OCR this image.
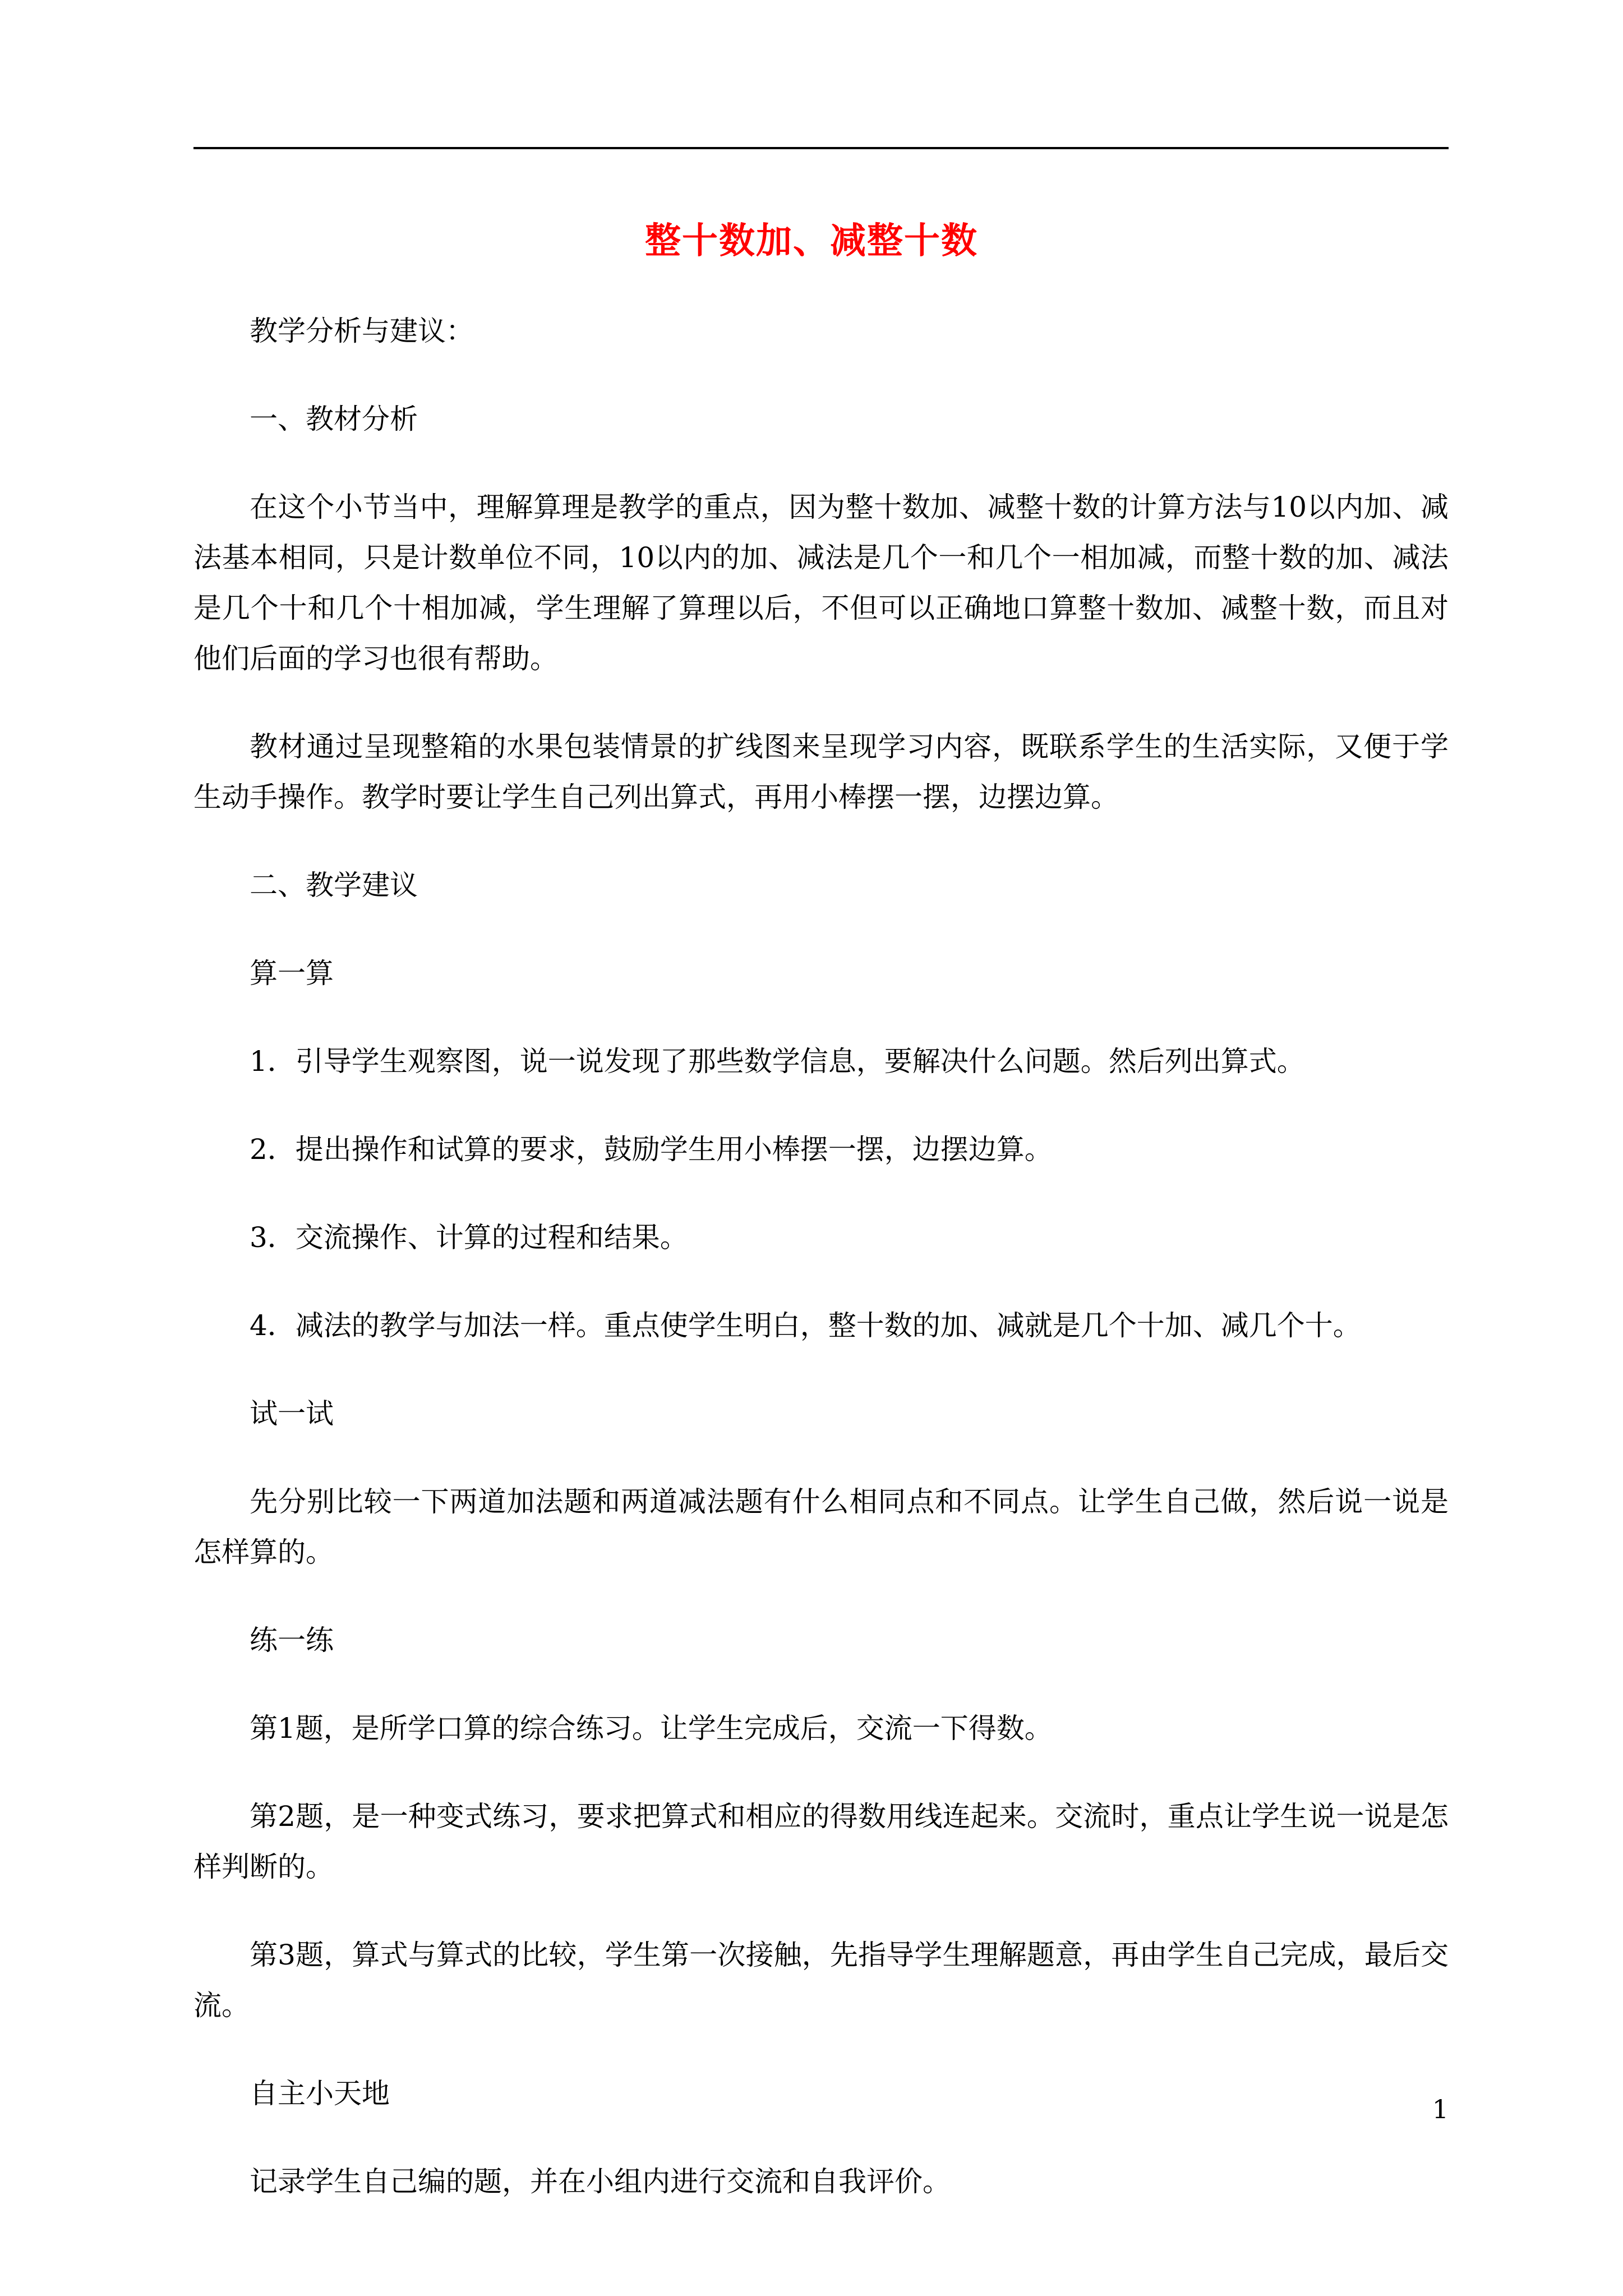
整十数加、减整十数

教学分析与建议：

一、教材分析

在这个小节当中，理解算理是教学的重点，因为整十数加、减整十数的计算方法与10以内加、减法基本相同，只是计数单位不同，10以内的加、减法是几个一和几个一相加减，而整十数的加、减法是几个十和几个十相加减，学生理解了算理以后，不但可以正确地口算整十数加、减整十数，而且对他们后面的学习也很有帮助。

教材通过呈现整箱的水果包装情景的扩线图来呈现学习内容，既联系学生的生活实际，又便于学生动手操作。教学时要让学生自己列出算式，再用小棒摆一摆，边摆边算。

二、教学建议

算一算

1．引导学生观察图，说一说发现了那些数学信息，要解决什么问题。然后列出算式。

2．提出操作和试算的要求，鼓励学生用小棒摆一摆，边摆边算。

3．交流操作、计算的过程和结果。

4．减法的教学与加法一样。重点使学生明白，整十数的加、减就是几个十加、减几个十。

试一试

先分别比较一下两道加法题和两道减法题有什么相同点和不同点。让学生自己做，然后说一说是怎样算的。

练一练

第1题，是所学口算的综合练习。让学生完成后，交流一下得数。

第2题，是一种变式练习，要求把算式和相应的得数用线连起来。交流时，重点让学生说一说是怎样判断的。

第3题，算式与算式的比较，学生第一次接触，先指导学生理解题意，再由学生自己完成，最后交流。

自主小天地

记录学生自己编的题，并在小组内进行交流和自我评价。

1
